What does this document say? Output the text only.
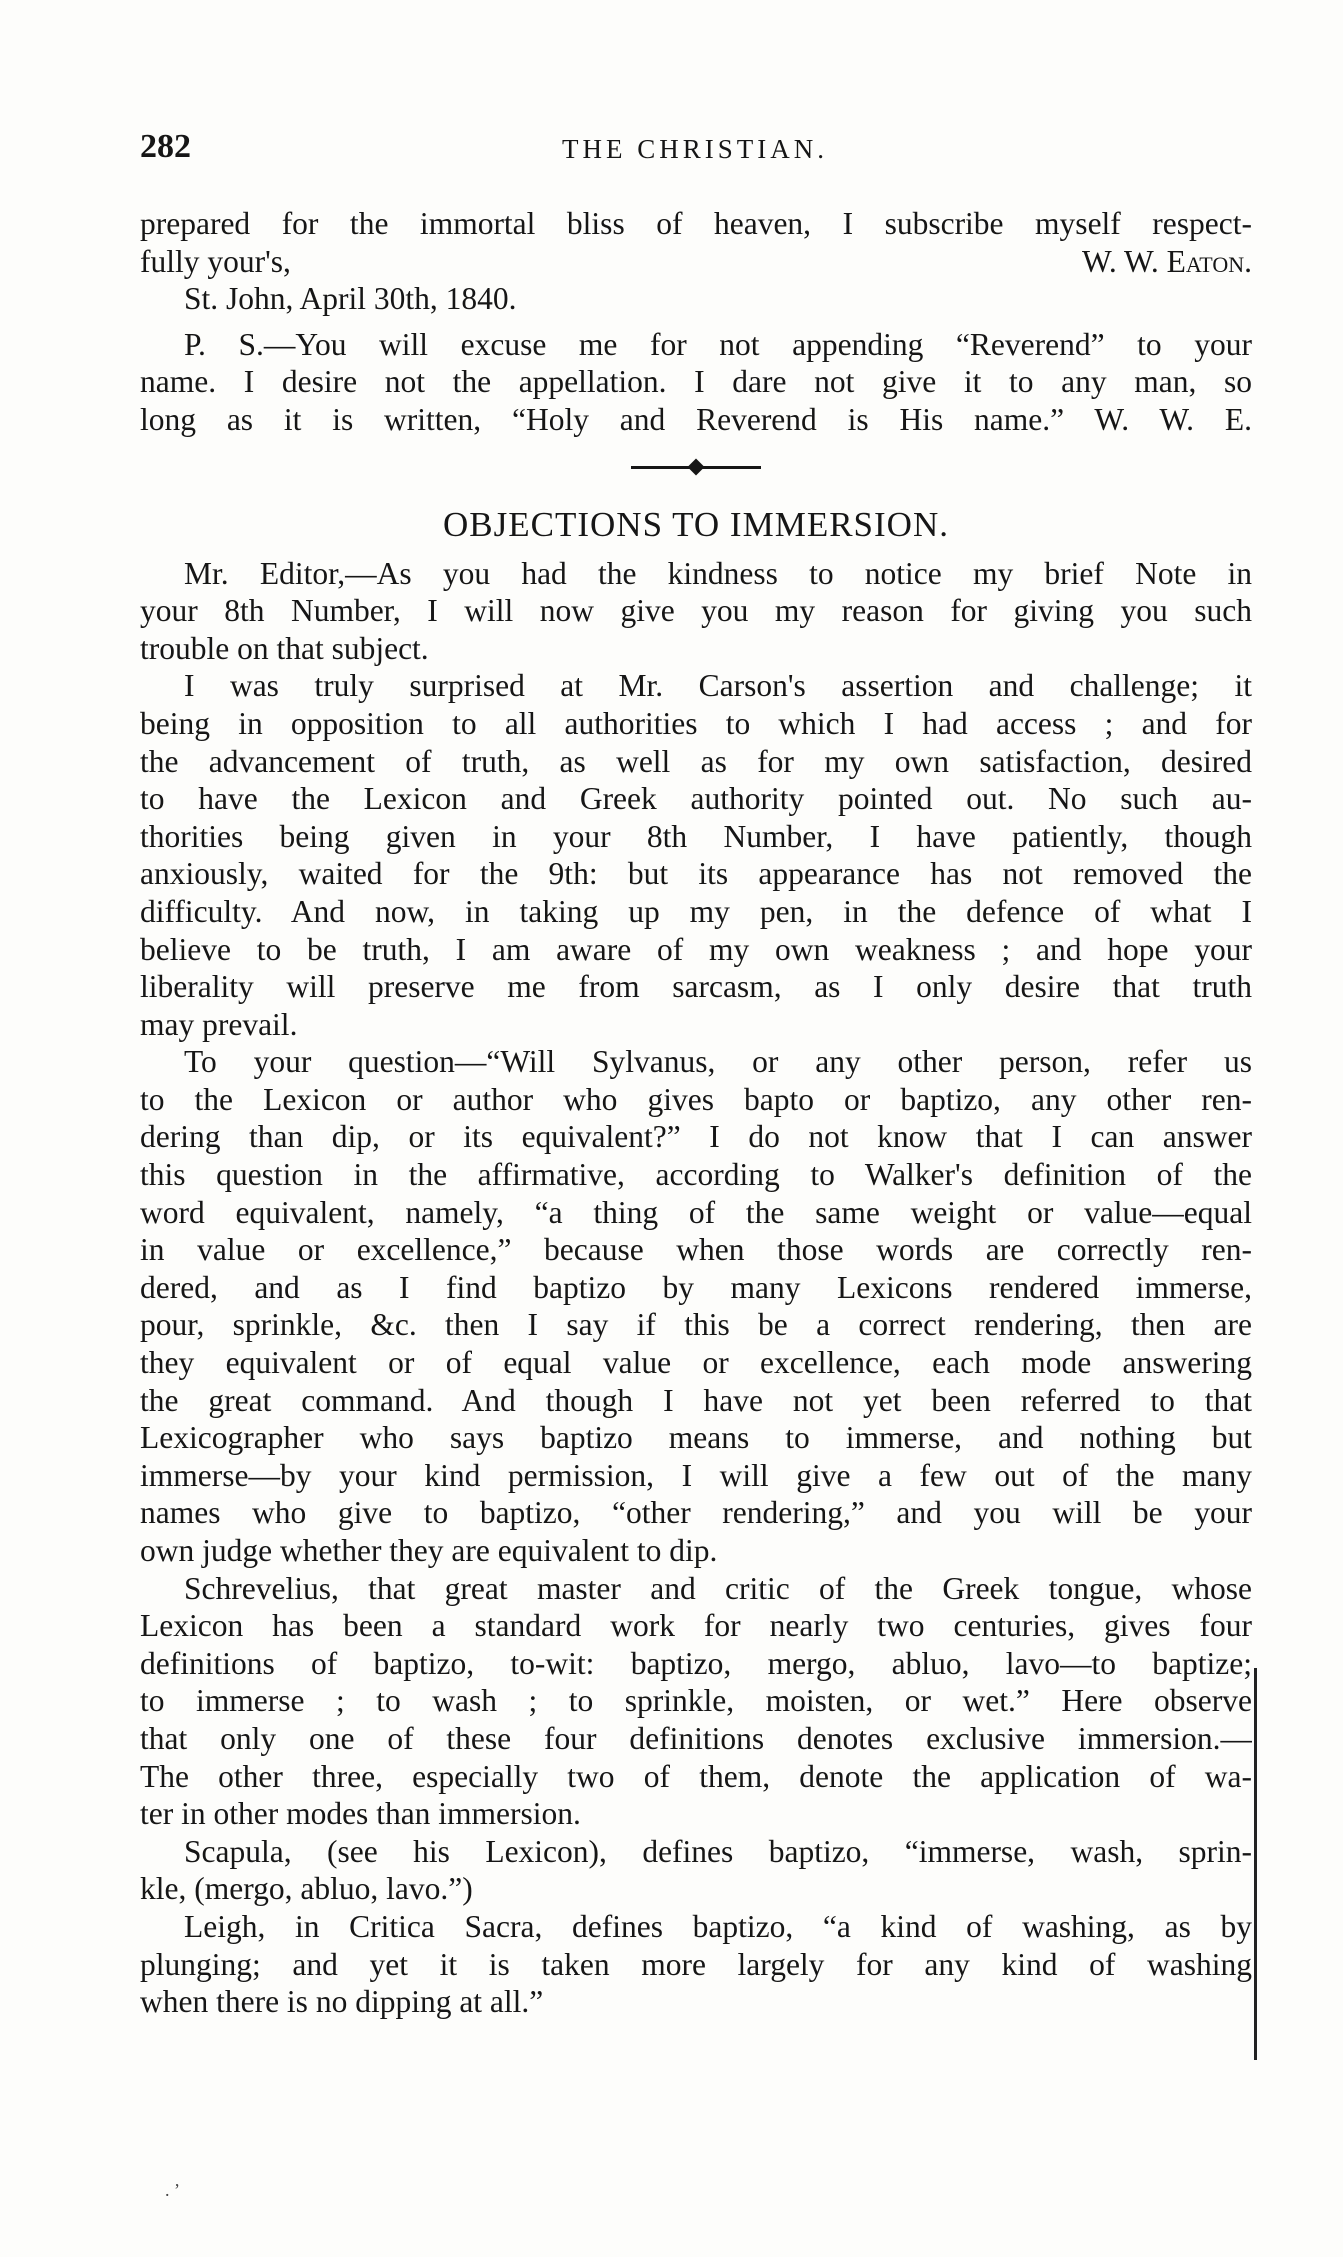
282	THE CHRISTIAN.
prepared for the immortal bliss of heaven, I subscribe myself respect-
fully your's,	W. W. Eaton.
St. John, April 30th, 1840.
P. S.—You will excuse me for not appending “Reverend” to your
name. I desire not the appellation. I dare not give it to any man, so
long as it is written, “Holy and Reverend is His name.” W. W. E.
OBJECTIONS TO IMMERSION.
Mr. Editor,—As you had the kindness to notice my brief Note in
your 8th Number, I will now give you my reason for giving you such
trouble on that subject.
I was truly surprised at Mr. Carson's assertion and challenge; it
being in opposition to all authorities to which I had access ; and for
the advancement of truth, as well as for my own satisfaction, desired
to have the Lexicon and Greek authority pointed out. No such au-
thorities being given in your 8th Number, I have patiently, though
anxiously, waited for the 9th: but its appearance has not removed the
difficulty. And now, in taking up my pen, in the defence of what I
believe to be truth, I am aware of my own weakness ; and hope your
liberality will preserve me from sarcasm, as I only desire that truth
may prevail.
To your question—“Will Sylvanus, or any other person, refer us
to the Lexicon or author who gives bapto or baptizo, any other ren-
dering than dip, or its equivalent?” I do not know that I can answer
this question in the affirmative, according to Walker's definition of the
word equivalent, namely, “a thing of the same weight or value—equal
in value or excellence,” because when those words are correctly ren-
dered, and as I find baptizo by many Lexicons rendered immerse,
pour, sprinkle, &c. then I say if this be a correct rendering, then are
they equivalent or of equal value or excellence, each mode answering
the great command. And though I have not yet been referred to that
Lexicographer who says baptizo means to immerse, and nothing but
immerse—by your kind permission, I will give a few out of the many
names who give to baptizo, “other rendering,” and you will be your
own judge whether they are equivalent to dip.
Schrevelius, that great master and critic of the Greek tongue, whose
Lexicon has been a standard work for nearly two centuries, gives four
definitions of baptizo, to-wit: baptizo, mergo, abluo, lavo—to baptize;
to immerse ; to wash ; to sprinkle, moisten, or wet.” Here observe
that only one of these four definitions denotes exclusive immersion.—
The other three, especially two of them, denote the application of wa-
ter in other modes than immersion.
Scapula, (see his Lexicon), defines baptizo, “immerse, wash, sprin-
kle, (mergo, abluo, lavo.”)
Leigh, in Critica Sacra, defines baptizo, “a kind of washing, as by
plunging; and yet it is taken more largely for any kind of washing
when there is no dipping at all.”
. ’
